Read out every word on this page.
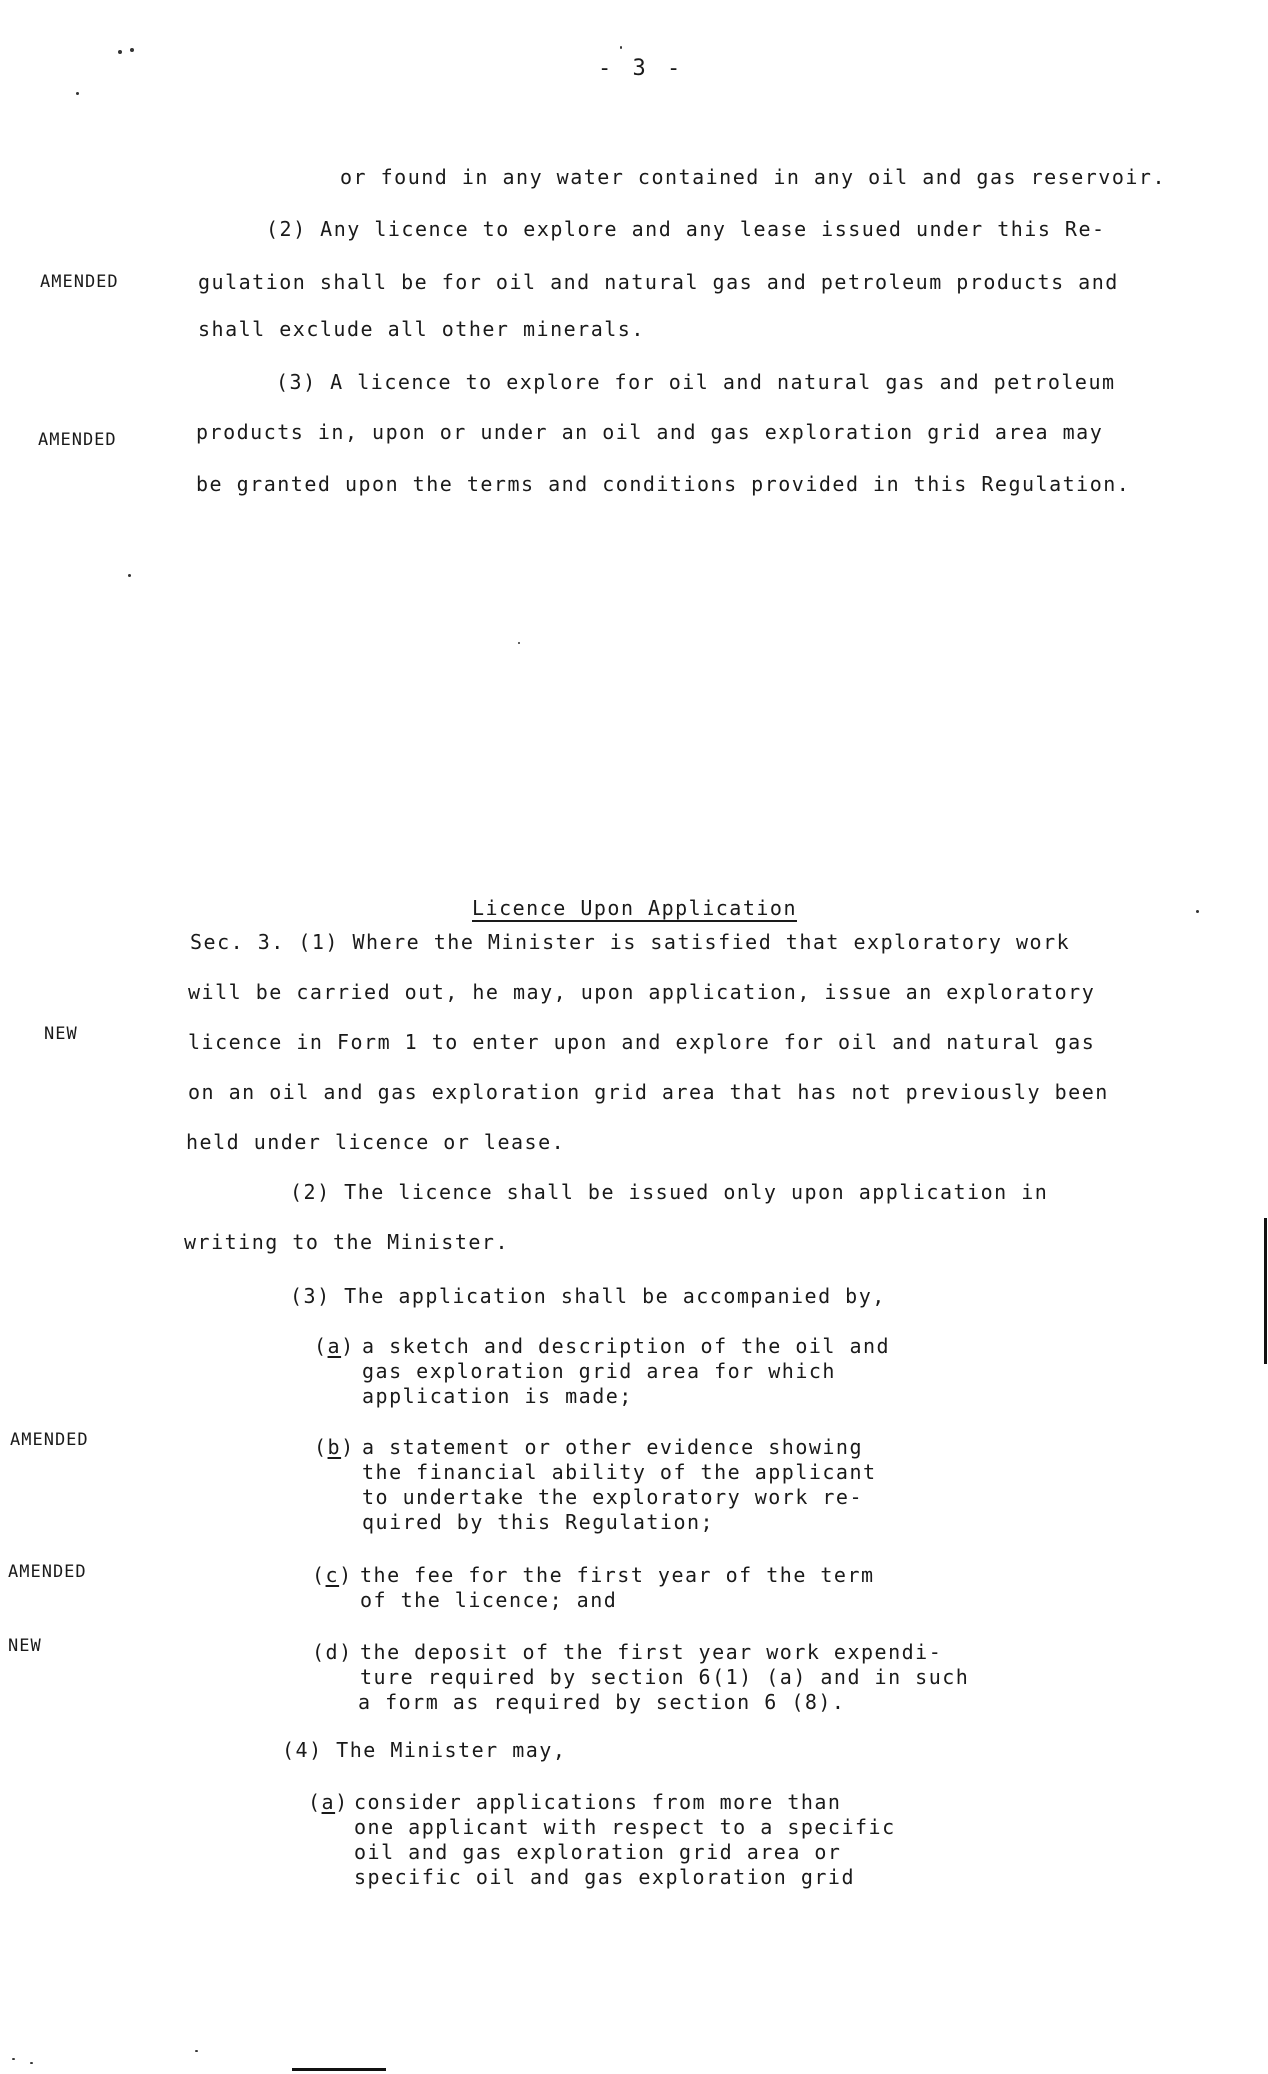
- 3 -
AMENDED
AMENDED
NEW
AMENDED
AMENDED
NEW
or found in any water contained in any oil and gas reservoir.
(2) Any licence to explore and any lease issued under this Re-
gulation shall be for oil and natural gas and petroleum products and
shall exclude all other minerals.
(3) A licence to explore for oil and natural gas and petroleum
products in, upon or under an oil and gas exploration grid area may
be granted upon the terms and conditions provided in this Regulation.
Licence Upon Application
Sec. 3. (1) Where the Minister is satisfied that exploratory work
will be carried out, he may, upon application, issue an exploratory
licence in Form 1 to enter upon and explore for oil and natural gas
on an oil and gas exploration grid area that has not previously been
held under licence or lease.
(2) The licence shall be issued only upon application in
writing to the Minister.
(3) The application shall be accompanied by,
(a) a sketch and description of the oil and
gas exploration grid area for which
application is made;
(b) a statement or other evidence showing
the financial ability of the applicant
to undertake the exploratory work re-
quired by this Regulation;
(c) the fee for the first year of the term
of the licence; and
(d) the deposit of the first year work expendi-
ture required by section 6(1) (a) and in such
a form as required by section 6 (8).
(4) The Minister may,
(a) consider applications from more than
one applicant with respect to a specific
oil and gas exploration grid area or
specific oil and gas exploration grid
